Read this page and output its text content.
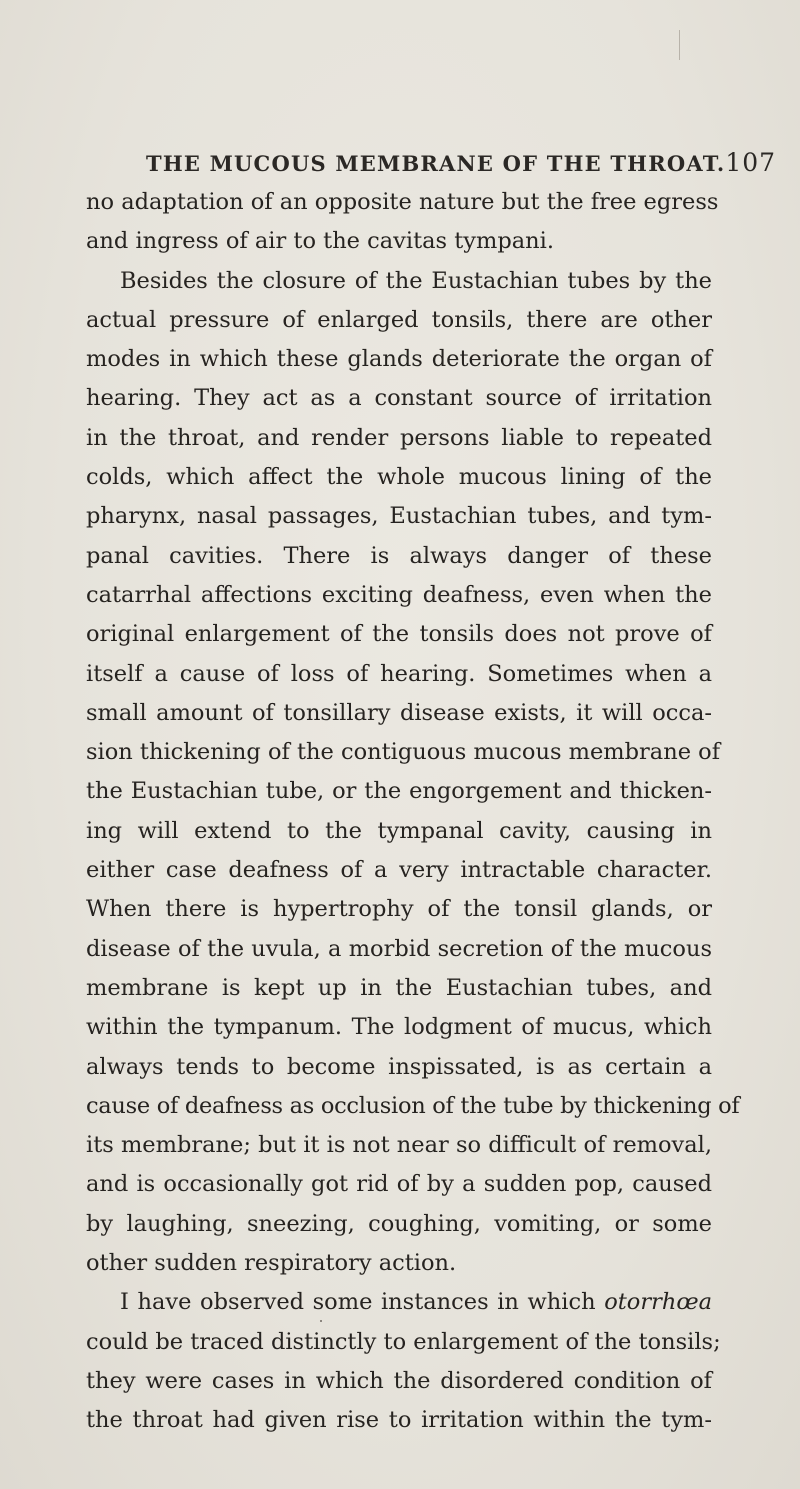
THE MUCOUS MEMBRANE OF THE THROAT. 107
no adaptation of an opposite nature but the free egress
and ingress of air to the cavitas tympani.
Besides the closure of the Eustachian tubes by the
actual pressure of enlarged tonsils, there are other
modes in which these glands deteriorate the organ of
hearing. They act as a constant source of irritation
in the throat, and render persons liable to repeated
colds, which affect the whole mucous lining of the
pharynx, nasal passages, Eustachian tubes, and tym-
panal cavities. There is always danger of these
catarrhal affections exciting deafness, even when the
original enlargement of the tonsils does not prove of
itself a cause of loss of hearing. Sometimes when a
small amount of tonsillary disease exists, it will occa-
sion thickening of the contiguous mucous membrane of
the Eustachian tube, or the engorgement and thicken-
ing will extend to the tympanal cavity, causing in
either case deafness of a very intractable character.
When there is hypertrophy of the tonsil glands, or
disease of the uvula, a morbid secretion of the mucous
membrane is kept up in the Eustachian tubes, and
within the tympanum. The lodgment of mucus, which
always tends to become inspissated, is as certain a
cause of deafness as occlusion of the tube by thickening of
its membrane; but it is not near so difficult of removal,
and is occasionally got rid of by a sudden pop, caused
by laughing, sneezing, coughing, vomiting, or some
other sudden respiratory action.
I have observed some instances in which otorrhœa
could be traced distinctly to enlargement of the tonsils;
they were cases in which the disordered condition of
the throat had given rise to irritation within the tym-
